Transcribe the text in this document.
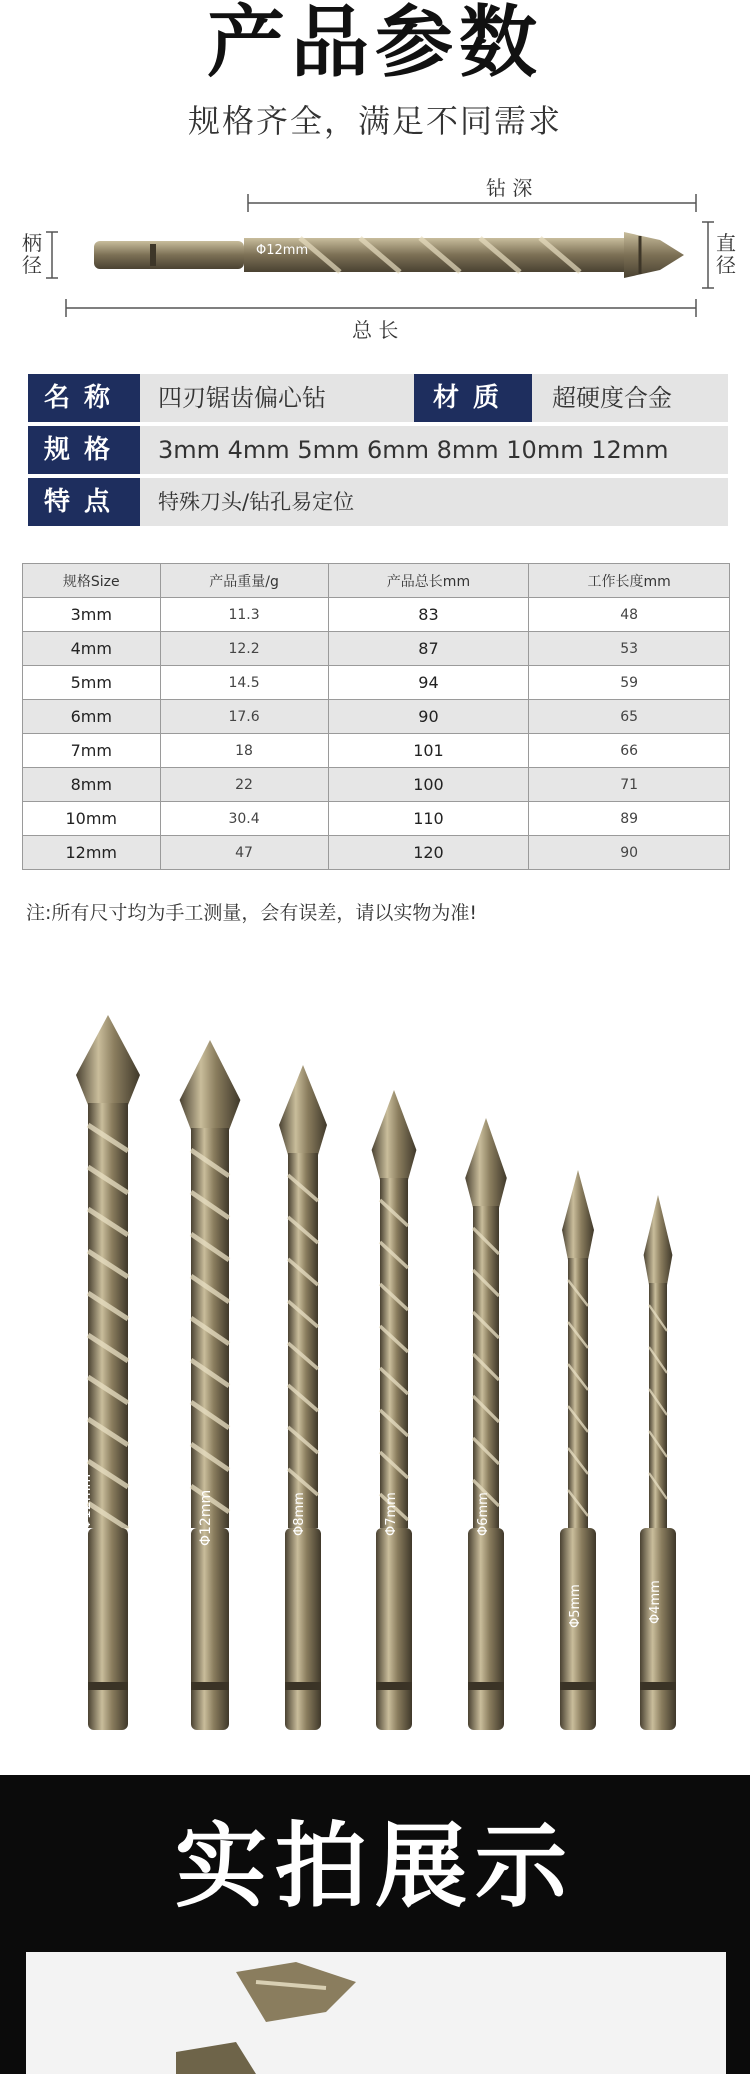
产品参数
规格齐全，满足不同需求
钻 深
柄径
直径
总 长
Φ12mm
名称	四刃锯齿偏心钻	材质	超硬度合金
规格	3mm 4mm 5mm 6mm 8mm 10mm 12mm
特点	特殊刀头/钻孔易定位
规格Size	产品重量/g	产品总长mm	工作长度mm
3mm	11.3	83	48
4mm	12.2	87	53
5mm	14.5	94	59
6mm	17.6	90	65
7mm	18	101	66
8mm	22	100	71
10mm	30.4	110	89
12mm	47	120	90
注:所有尺寸均为手工测量，会有误差，请以实物为准!
Φ12mm	Φ12mm	Φ8mm	Φ7mm	Φ6mm
Φ5mm	Φ4mm
实拍展示
